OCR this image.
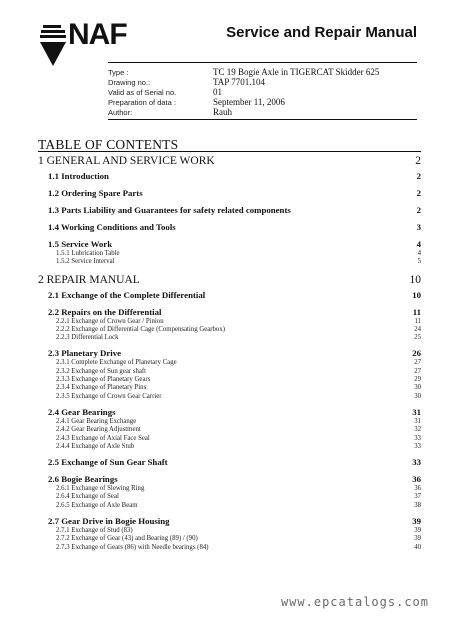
NAF	Service and Repair Manual
Type :	TC 19 Bogie Axle in TIGERCAT Skidder 625
Drawing no.:	TAP 7701.104
Valid as of Serial no.	01
Preparation of data :	September 11, 2006
Author:	Rauh
TABLE OF CONTENTS
1 GENERAL AND SERVICE WORK	2
1.1 Introduction	2
1.2 Ordering Spare Parts	2
1.3 Parts Liability and Guarantees for safety related components	2
1.4 Working Conditions and Tools	3
1.5 Service Work	4
1.5.1 Lubrication Table	4
1.5.2 Service Interval	5
2 REPAIR MANUAL	10
2.1 Exchange of the Complete Differential	10
2.2 Repairs on the Differential	11
2.2.1 Exchange of Crown Gear / Pinion	11
2.2.2 Exchange of Differential Cage (Compensating Gearbox)	24
2.2.3 Differential Lock	25
2.3 Planetary Drive	26
2.3.1 Complete Exchange of Planetary Cage	27
2.3.2 Exchange of Sun gear shaft	27
2.3.3 Exchange of Planetary Gears	29
2.3.4 Exchange of Planetary Pins	30
2.3.5 Exchange of Crown Gear Carrier	30
2.4 Gear Bearings	31
2.4.1 Gear Bearing Exchange	31
2.4.2 Gear Bearing Adjustment	32
2.4.3 Exchange of Axial Face Seal	33
2.4.4 Exchange of Axle Stub	33
2.5 Exchange of Sun Gear Shaft	33
2.6 Bogie Bearings	36
2.6.1 Exchange of Slewing Ring	36
2.6.4 Exchange of Seal	37
2.6.5 Exchange of Axle Beam	38
2.7 Gear Drive in Bogie Housing	39
2.7.1 Exchange of Stud (83)	39
2.7.2 Exchange of Gear (43) and Bearing (89) / (90)	39
2.7.3 Exchange of Gears (86) with Needle bearings (84)	40
www.epcatalogs.com
